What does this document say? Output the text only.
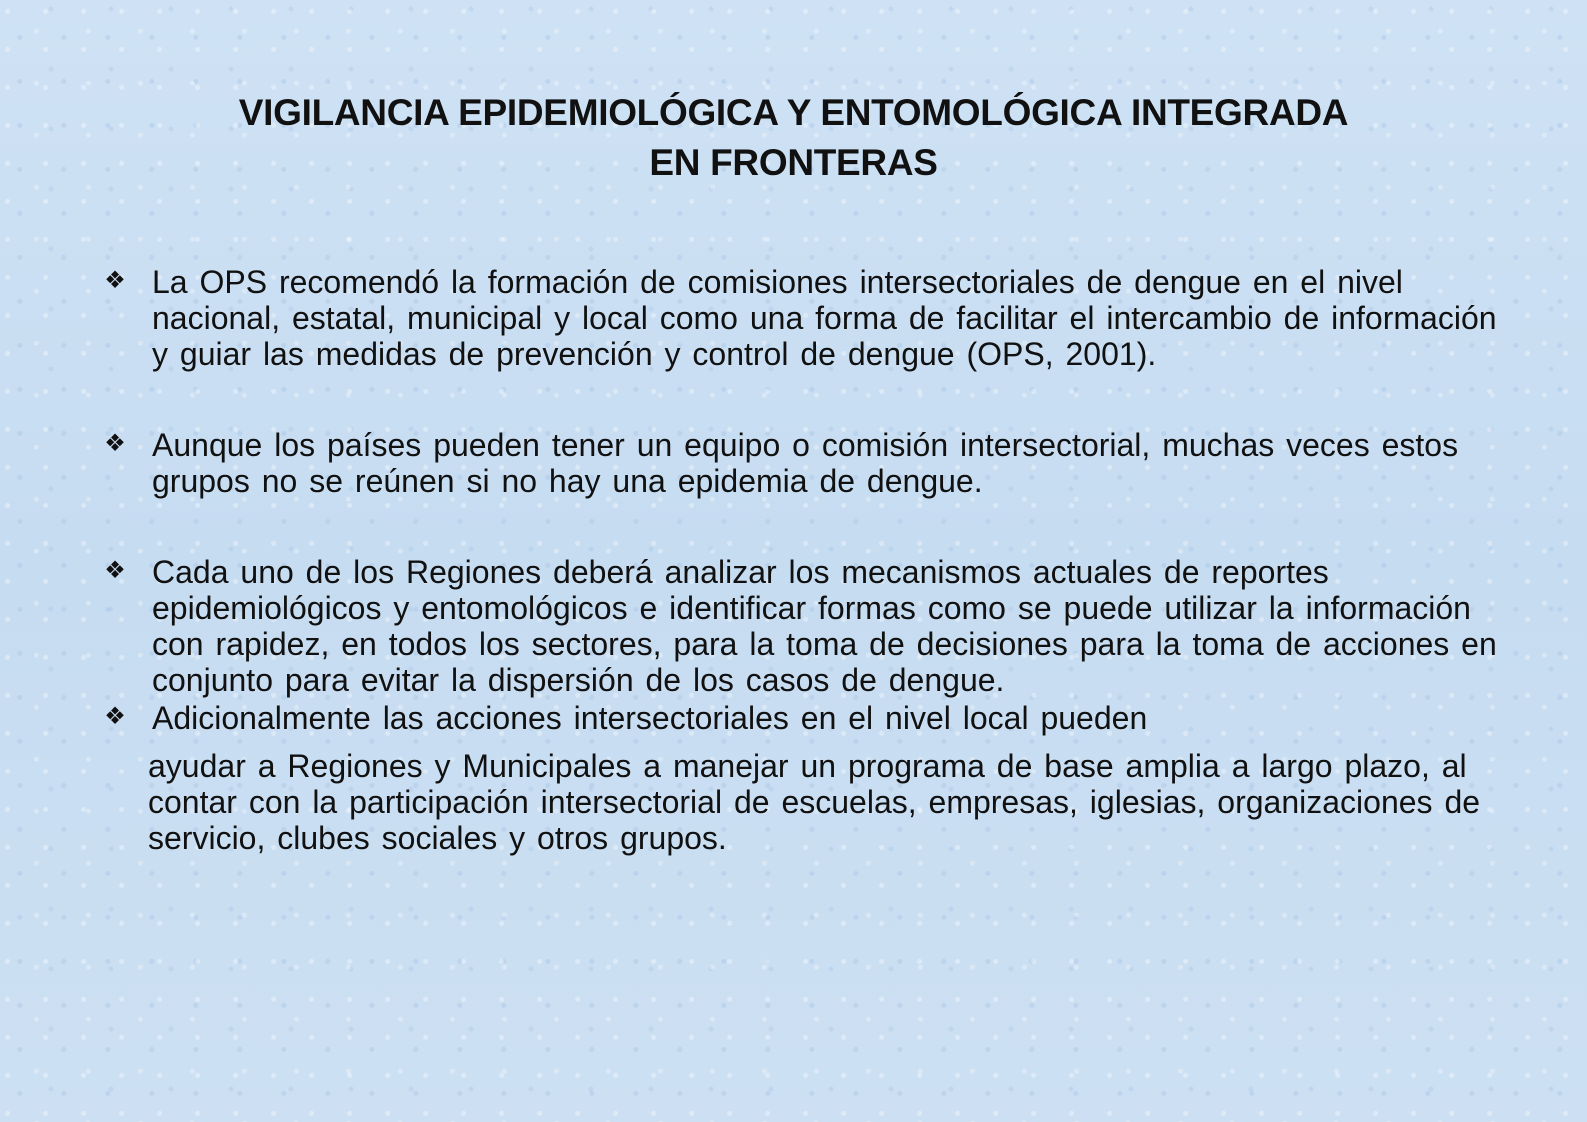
VIGILANCIA EPIDEMIOLÓGICA Y ENTOMOLÓGICA INTEGRADA
EN FRONTERAS
❖ La OPS recomendó la formación de comisiones intersectoriales de dengue en el nivel nacional, estatal, municipal y local como una forma de facilitar el intercambio de información y guiar las medidas de prevención y control de dengue (OPS, 2001).
❖ Aunque los países pueden tener un equipo o comisión intersectorial, muchas veces estos grupos no se reúnen si no hay una epidemia de dengue.
❖ Cada uno de los Regiones deberá analizar los mecanismos actuales de reportes epidemiológicos y entomológicos e identificar formas como se puede utilizar la información con rapidez, en todos los sectores, para la toma de decisiones para la toma de acciones en conjunto para evitar la dispersión de los casos de dengue.
❖ Adicionalmente las acciones intersectoriales en el nivel local pueden
ayudar a Regiones y Municipales a manejar un programa de base amplia a largo plazo, al contar con la participación intersectorial de escuelas, empresas, iglesias, organizaciones de servicio, clubes sociales y otros grupos.
